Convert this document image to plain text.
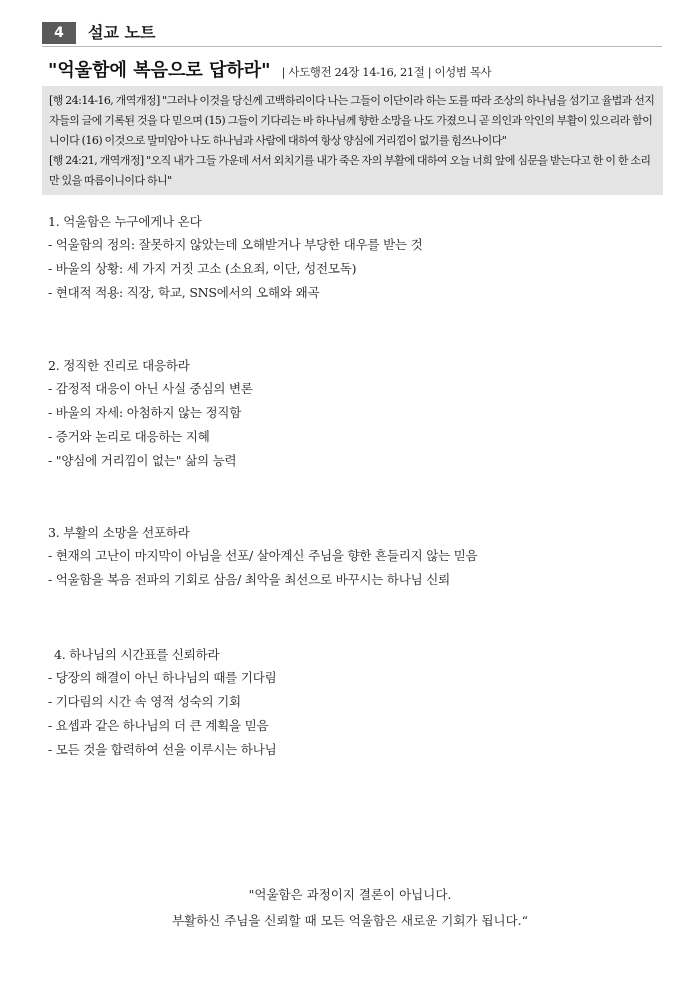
4	설교 노트
"억울함에 복음으로 답하라" | 사도행전 24장 14-16, 21절 | 이성범 목사

[행 24:14-16, 개역개정] "그러나 이것을 당신께 고백하리이다 나는 그들이 이단이라 하는 도를 따라 조상의 하나님을 섬기고 율법과 선지자들의 글에 기록된 것을 다 믿으며 (15) 그들이 기다리는 바 하나님께 향한 소망을 나도 가졌으니 곧 의인과 악인의 부활이 있으리라 함이니이다 (16) 이것으로 말미암아 나도 하나님과 사람에 대하여 항상 양심에 거리낌이 없기를 힘쓰나이다"

[행 24:21, 개역개정] "오직 내가 그들 가운데 서서 외치기를 내가 죽은 자의 부활에 대하여 오늘 너희 앞에 심문을 받는다고 한 이 한 소리만 있을 따름이니이다 하니"

1. 억울함은 누구에게나 온다
- 억울함의 정의: 잘못하지 않았는데 오해받거나 부당한 대우를 받는 것
- 바울의 상황: 세 가지 거짓 고소 (소요죄, 이단, 성전모독)
- 현대적 적용: 직장, 학교, SNS에서의 오해와 왜곡
2. 정직한 진리로 대응하라
- 감정적 대응이 아닌 사실 중심의 변론
- 바울의 자세: 아첨하지 않는 정직함
- 증거와 논리로 대응하는 지혜
- "양심에 거리낌이 없는" 삶의 능력
3. 부활의 소망을 선포하라
- 현재의 고난이 마지막이 아님을 선포/ 살아계신 주님을 향한 흔들리지 않는 믿음
- 억울함을 복음 전파의 기회로 삼음/ 최악을 최선으로 바꾸시는 하나님 신뢰
4. 하나님의 시간표를 신뢰하라
- 당장의 해결이 아닌 하나님의 때를 기다림
- 기다림의 시간 속 영적 성숙의 기회
- 요셉과 같은 하나님의 더 큰 계획을 믿음
- 모든 것을 합력하여 선을 이루시는 하나님
"억울함은 과정이지 결론이 아닙니다.
부활하신 주님을 신뢰할 때 모든 억울함은 새로운 기회가 됩니다.“
